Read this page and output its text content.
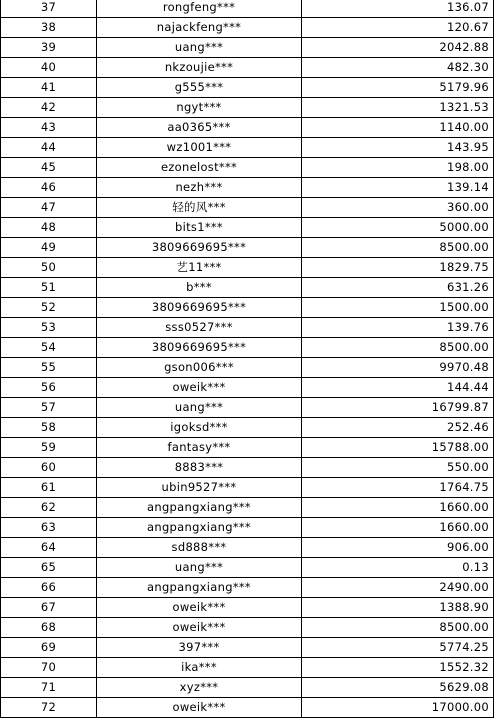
37	rongfeng***	136.07
38	najackfeng***	120.67
39	uang***	2042.88
40	nkzoujie***	482.30
41	g555***	5179.96
42	ngyt***	1321.53
43	aa0365***	1140.00
44	wz1001***	143.95
45	ezonelost***	198.00
46	nezh***	139.14
47	轻的风***	360.00
48	bits1***	5000.00
49	3809669695***	8500.00
50	艺11***	1829.75
51	b***	631.26
52	3809669695***	1500.00
53	sss0527***	139.76
54	3809669695***	8500.00
55	gson006***	9970.48
56	oweik***	144.44
57	uang***	16799.87
58	igoksd***	252.46
59	fantasy***	15788.00
60	8883***	550.00
61	ubin9527***	1764.75
62	angpangxiang***	1660.00
63	angpangxiang***	1660.00
64	sd888***	906.00
65	uang***	0.13
66	angpangxiang***	2490.00
67	oweik***	1388.90
68	oweik***	8500.00
69	397***	5774.25
70	ika***	1552.32
71	xyz***	5629.08
72	oweik***	17000.00
